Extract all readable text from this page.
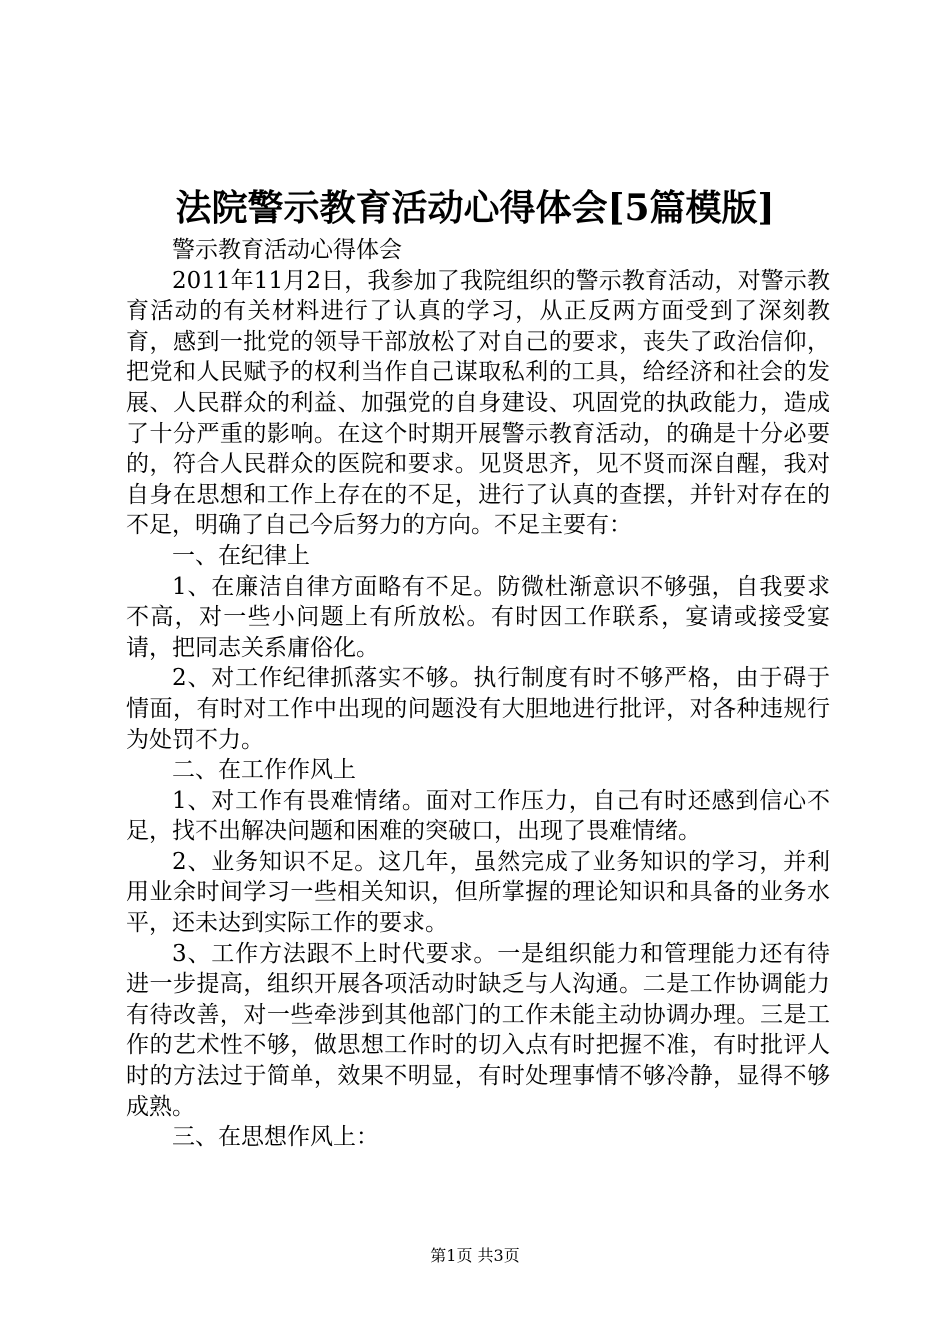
法院警示教育活动心得体会[5篇模版]

警示教育活动心得体会

2011年11月2日，我参加了我院组织的警示教育活动，对警示教育活动的有关材料进行了认真的学习，从正反两方面受到了深刻教育，感到一批党的领导干部放松了对自己的要求，丧失了政治信仰，把党和人民赋予的权利当作自己谋取私利的工具，给经济和社会的发展、人民群众的利益、加强党的自身建设、巩固党的执政能力，造成了十分严重的影响。在这个时期开展警示教育活动，的确是十分必要的，符合人民群众的医院和要求。见贤思齐，见不贤而深自醒，我对自身在思想和工作上存在的不足，进行了认真的查摆，并针对存在的不足，明确了自己今后努力的方向。不足主要有：

一、在纪律上

1、在廉洁自律方面略有不足。防微杜渐意识不够强，自我要求不高，对一些小问题上有所放松。有时因工作联系，宴请或接受宴请，把同志关系庸俗化。

2、对工作纪律抓落实不够。执行制度有时不够严格，由于碍于情面，有时对工作中出现的问题没有大胆地进行批评，对各种违规行为处罚不力。

二、在工作作风上

1、对工作有畏难情绪。面对工作压力，自己有时还感到信心不足，找不出解决问题和困难的突破口，出现了畏难情绪。

2、业务知识不足。这几年，虽然完成了业务知识的学习，并利用业余时间学习一些相关知识，但所掌握的理论知识和具备的业务水平，还未达到实际工作的要求。

3、工作方法跟不上时代要求。一是组织能力和管理能力还有待进一步提高，组织开展各项活动时缺乏与人沟通。二是工作协调能力有待改善，对一些牵涉到其他部门的工作未能主动协调办理。三是工作的艺术性不够，做思想工作时的切入点有时把握不准，有时批评人时的方法过于简单，效果不明显，有时处理事情不够冷静，显得不够成熟。

三、在思想作风上：

第1页 共3页
